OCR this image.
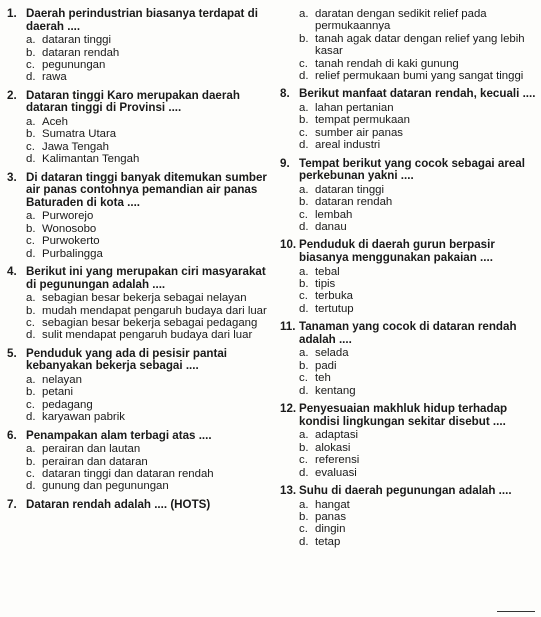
1. Daerah perindustrian biasanya terdapat di daerah ....
a. dataran tinggi
b. dataran rendah
c. pegunungan
d. rawa
2. Dataran tinggi Karo merupakan daerah dataran tinggi di Provinsi ....
a. Aceh
b. Sumatra Utara
c. Jawa Tengah
d. Kalimantan Tengah
3. Di dataran tinggi banyak ditemukan sumber air panas contohnya pemandian air panas Baturaden di kota ....
a. Purworejo
b. Wonosobo
c. Purwokerto
d. Purbalingga
4. Berikut ini yang merupakan ciri masyarakat di pegunungan adalah ....
a. sebagian besar bekerja sebagai nelayan
b. mudah mendapat pengaruh budaya dari luar
c. sebagian besar bekerja sebagai pedagang
d. sulit mendapat pengaruh budaya dari luar
5. Penduduk yang ada di pesisir pantai kebanyakan bekerja sebagai ....
a. nelayan
b. petani
c. pedagang
d. karyawan pabrik
6. Penampakan alam terbagi atas ....
a. perairan dan lautan
b. perairan dan dataran
c. dataran tinggi dan dataran rendah
d. gunung dan pegunungan
7. Dataran rendah adalah .... (HOTS)
a. daratan dengan sedikit relief pada permukaannya
b. tanah agak datar dengan relief yang lebih kasar
c. tanah rendah di kaki gunung
d. relief permukaan bumi yang sangat tinggi
8. Berikut manfaat dataran rendah, kecuali ....
a. lahan pertanian
b. tempat permukaan
c. sumber air panas
d. areal industri
9. Tempat berikut yang cocok sebagai areal perkebunan yakni ....
a. dataran tinggi
b. dataran rendah
c. lembah
d. danau
10. Penduduk di daerah gurun berpasir biasanya menggunakan pakaian ....
a. tebal
b. tipis
c. terbuka
d. tertutup
11. Tanaman yang cocok di dataran rendah adalah ....
a. selada
b. padi
c. teh
d. kentang
12. Penyesuaian makhluk hidup terhadap kondisi lingkungan sekitar disebut ....
a. adaptasi
b. alokasi
c. referensi
d. evaluasi
13. Suhu di daerah pegunungan adalah ....
a. hangat
b. panas
c. dingin
d. tetap
